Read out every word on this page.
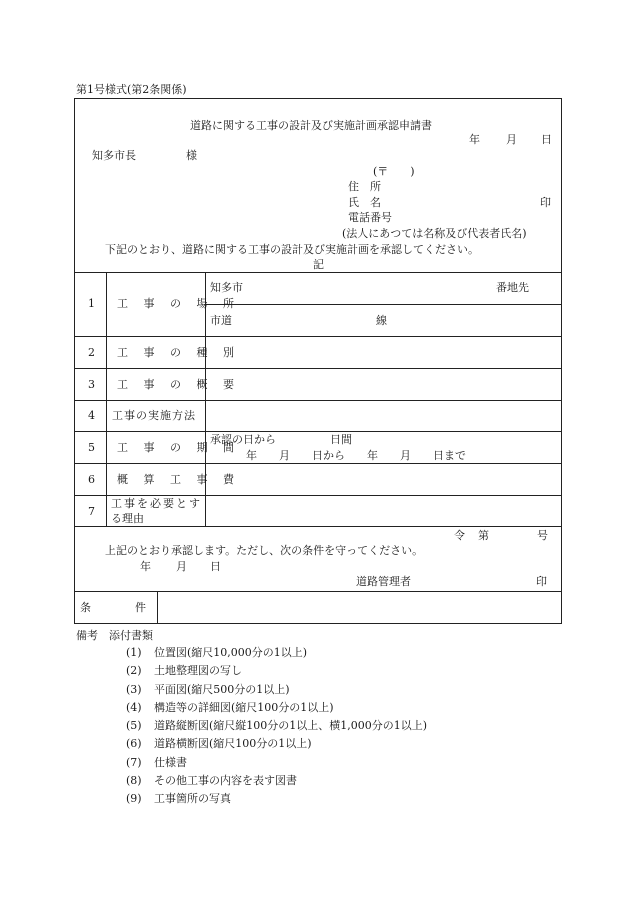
第1号様式(第2条関係)
道路に関する工事の設計及び実施計画承認申請書
年 月 日
知多市長	様
(〒　　)
住　所
氏　名	印
電話番号
(法人にあつては名称及び代表者氏名)
下記のとおり、道路に関する工事の設計及び実施計画を承認してください。
記
1 工 事 の 場 所
知多市	番地先
市道	線
2 工 事 の 種 別
3 工 事 の 概 要
4 工事の実施方法
5 工 事 の 期 間
承認の日から	日間
年　　月　　日から　　年　　月　　日まで
6 概 算 工 事 費
7
工事を必要とす
る理由
令 第	号
上記のとおり承認します。ただし、次の条件を守ってください。
年 月 日
道路管理者	印
条　　　　件
備考　添付書類
(1) 位置図(縮尺10,000分の1以上)
(2) 土地整理図の写し
(3) 平面図(縮尺500分の1以上)
(4) 構造等の詳細図(縮尺100分の1以上)
(5) 道路縦断図(縮尺縦100分の1以上、横1,000分の1以上)
(6) 道路横断図(縮尺100分の1以上)
(7) 仕様書
(8) その他工事の内容を表す図書
(9) 工事箇所の写真
